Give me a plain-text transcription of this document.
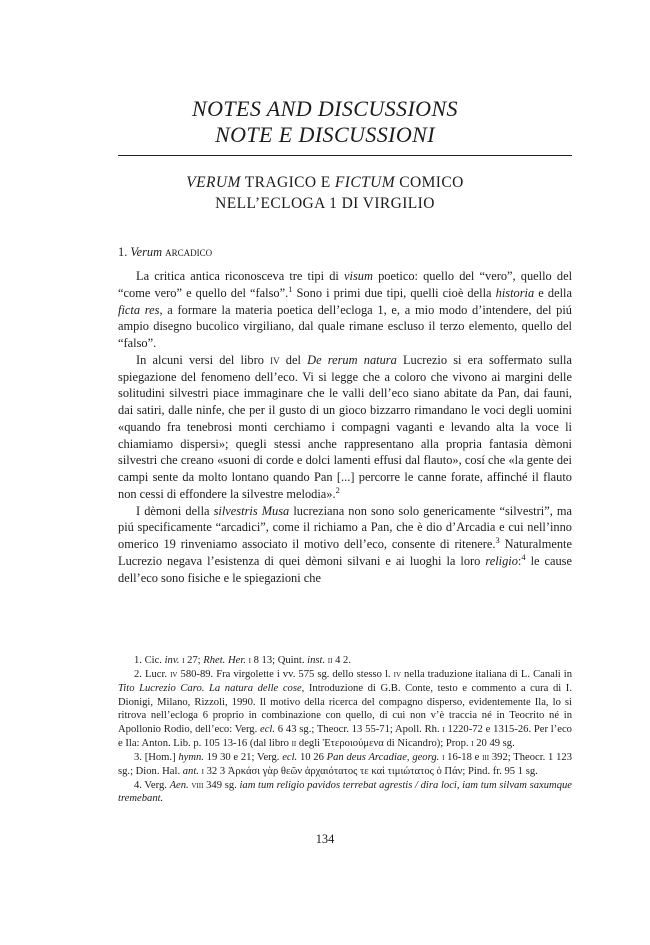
NOTES AND DISCUSSIONS
NOTE E DISCUSSIONI
VERUM TRAGICO E FICTUM COMICO
NELL’ECLOGA 1 DI VIRGILIO
1. Verum arcadico

La critica antica riconosceva tre tipi di visum poetico: quello del “vero”, quello del “come vero” e quello del “falso”.$^1$ Sono i primi due tipi, quelli cioè della historia e della ficta res, a formare la materia poetica dell’ecloga 1, e, a mio modo d’intendere, del piú ampio disegno bucolico virgiliano, dal quale rimane escluso il terzo elemento, quello del “falso”.

In alcuni versi del libro iv del De rerum natura Lucrezio si era soffermato sulla spiegazione del fenomeno dell’eco. Vi si legge che a coloro che vivono ai margini delle solitudini silvestri piace immaginare che le valli dell’eco siano abitate da Pan, dai fauni, dai satiri, dalle ninfe, che per il gusto di un gioco bizzarro rimandano le voci degli uomini «quando fra tenebrosi monti cerchiamo i compagni vaganti e levando alta la voce li chiamiamo dispersi»; quegli stessi anche rappresentano alla propria fantasia dèmoni silvestri che creano «suoni di corde e dolci lamenti effusi dal flauto», cosí che «la gente dei campi sente da molto lontano quando Pan [...] percorre le canne forate, affinché il flauto non cessi di effondere la silvestre melodia».$^2$

I dèmoni della silvestris Musa lucreziana non sono solo genericamente “silvestri”, ma piú specificamente “arcadici”, come il richiamo a Pan, che è dio d’Arcadia e cui nell’inno omerico 19 rinveniamo associato il motivo dell’eco, consente di ritenere.$^3$ Naturalmente Lucrezio negava l’esistenza di quei dèmoni silvani e ai luoghi la loro religio:$^4$ le cause dell’eco sono fisiche e le spiegazioni che

1. Cic. inv. i 27; Rhet. Her. i 8 13; Quint. inst. ii 4 2.

2. Lucr. iv 580-89. Fra virgolette i vv. 575 sg. dello stesso l. iv nella traduzione italiana di L. Canali in Tito Lucrezio Caro. La natura delle cose, Introduzione di G.B. Conte, testo e commento a cura di I. Dionigi, Milano, Rizzoli, 1990. Il motivo della ricerca del compagno disperso, evidentemente Ila, lo si ritrova nell’ecloga 6 proprio in combinazione con quello, di cui non v’è traccia né in Teocrito né in Apollonio Rodio, dell’eco: Verg. ecl. 6 43 sg.; Theocr. 13 55-71; Apoll. Rh. i 1220-72 e 1315-26. Per l’eco e Ila: Anton. Lib. p. 105 13-16 (dal libro ii degli Ἑτεροιούμενα di Nicandro); Prop. i 20 49 sg.

3. [Hom.] hymn. 19 30 e 21; Verg. ecl. 10 26 Pan deus Arcadiae, georg. i 16-18 e iii 392; Theocr. 1 123 sg.; Dion. Hal. ant. i 32 3 Ἀρκάσι γὰρ θεῶν ἀρχαιότατος τε καὶ τιμιώτατος ὁ Πάν; Pind. fr. 95 1 sg.

4. Verg. Aen. viii 349 sg. iam tum religio pavidos terrebat agrestis / dira loci, iam tum silvam saxumque tremebant.

134
